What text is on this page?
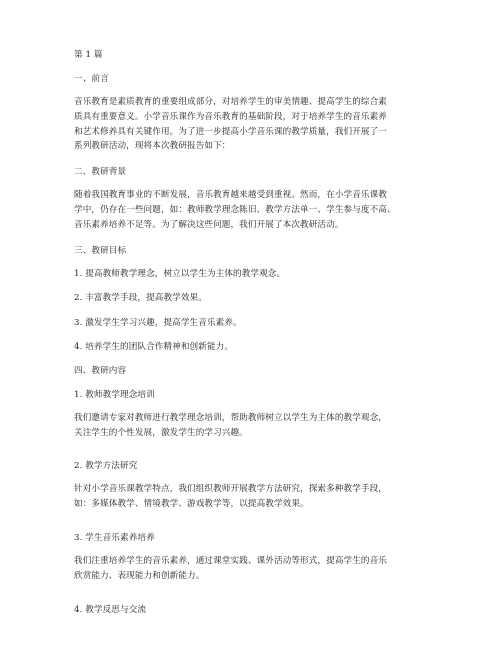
第 1 篇
一、前言
音乐教育是素质教育的重要组成部分，对培养学生的审美情趣、提高学生的综合素
质具有重要意义。小学音乐课作为音乐教育的基础阶段，对于培养学生的音乐素养
和艺术修养具有关键作用。为了进一步提高小学音乐课的教学质量，我们开展了一
系列教研活动，现将本次教研报告如下：
二、教研背景
随着我国教育事业的不断发展，音乐教育越来越受到重视。然而，在小学音乐课教
学中，仍存在一些问题，如：教师教学理念陈旧、教学方法单一、学生参与度不高、
音乐素养培养不足等。为了解决这些问题，我们开展了本次教研活动。
三、教研目标
1. 提高教师教学理念，树立以学生为主体的教学观念。
2. 丰富教学手段，提高教学效果。
3. 激发学生学习兴趣，提高学生音乐素养。
4. 培养学生的团队合作精神和创新能力。
四、教研内容
1. 教师教学理念培训
我们邀请专家对教师进行教学理念培训，帮助教师树立以学生为主体的教学观念，
关注学生的个性发展，激发学生的学习兴趣。
2. 教学方法研究
针对小学音乐课教学特点，我们组织教师开展教学方法研究，探索多种教学手段，
如：多媒体教学、情境教学、游戏教学等，以提高教学效果。
3. 学生音乐素养培养
我们注重培养学生的音乐素养，通过课堂实践、课外活动等形式，提高学生的音乐
欣赏能力、表现能力和创新能力。
4. 教学反思与交流
